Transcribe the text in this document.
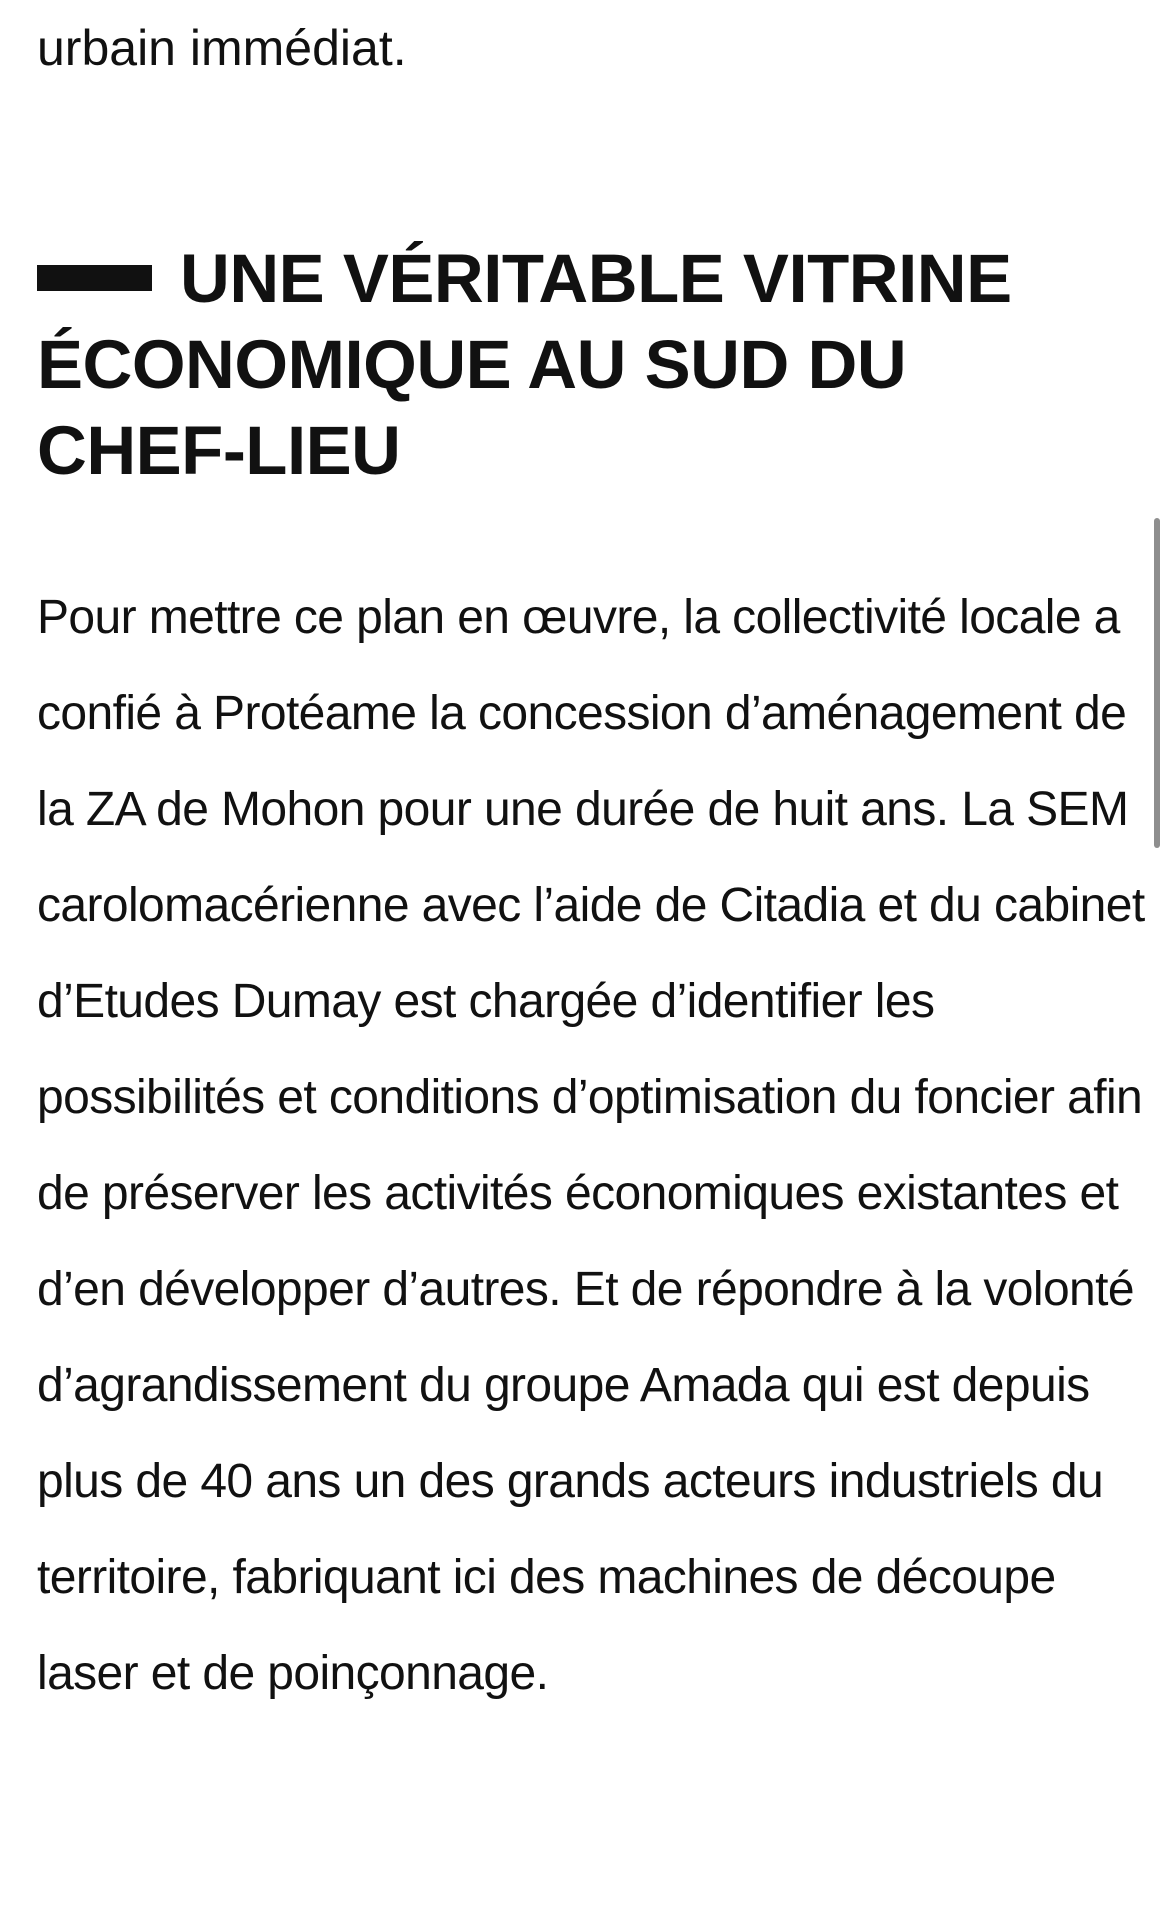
urbain immédiat.

UNE VÉRITABLE VITRINE ÉCONOMIQUE AU SUD DU CHEF-LIEU

Pour mettre ce plan en œuvre, la collectivité locale a confié à Protéame la concession d’aménagement de la ZA de Mohon pour une durée de huit ans. La SEM carolomacérienne avec l’aide de Citadia et du cabinet d’Etudes Dumay est chargée d’identifier les possibilités et conditions d’optimisation du foncier afin de préserver les activités économiques existantes et d’en développer d’autres. Et de répondre à la volonté d’agrandissement du groupe Amada qui est depuis plus de 40 ans un des grands acteurs industriels du territoire, fabriquant ici des machines de découpe laser et de poinçonnage.
